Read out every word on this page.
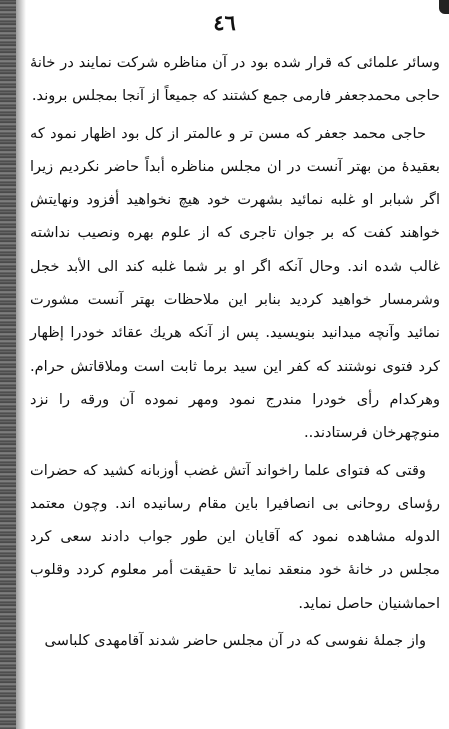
٤٦

وسائر علمائی که قرار شده بود در آن مناظره شرکت نمایند در خانهٔ حاجی محمدجعفر فارمی جمع کشتند که جمیعاً از آنجا بمجلس بروند.

حاجی محمد جعفر که مسن تر و عالمتر از کل بود اظهار نمود که بعقیدهٔ من بهتر آنست در ان مجلس مناظره أبداً حاضر نکردیم زیرا اگر شبابر او غلبه نمائید بشهرت خود هیچ نخواهید أفزود ونهایتش خواهند کفت که بر جوان تاجری که از علوم بهره ونصیب نداشته غالب شده اند. وحال آنکه اگر او بر شما غلبه کند الی الأبد خجل وشرمسار خواهید کردید بنابر این ملاحظات بهتر آنست مشورت نمائید وآنچه میدانید بنویسید. پس از آنکه هریك عقائد خودرا إظهار کرد فتوی نوشتند که کفر این سید برما ثابت است وملاقاتش حرام. وهرکدام رأی خودرا مندرج نمود ومهر نموده آن ورقه را نزد منوچهرخان فرستادند..

وقتی که فتوای علما راخواند آتش غضب أوزبانه کشید که حضرات رؤسای روحانی بی انصافیرا باین مقام رسانیده اند. وچون معتمد الدوله مشاهده نمود که آقایان این طور جواب دادند سعی کرد مجلس در خانهٔ خود منعقد نماید تا حقیقت أمر معلوم کردد وقلوب احماشنیان حاصل نماید.

واز جملهٔ نفوسی که در آن مجلس حاضر شدند آقامهدی کلباسی
